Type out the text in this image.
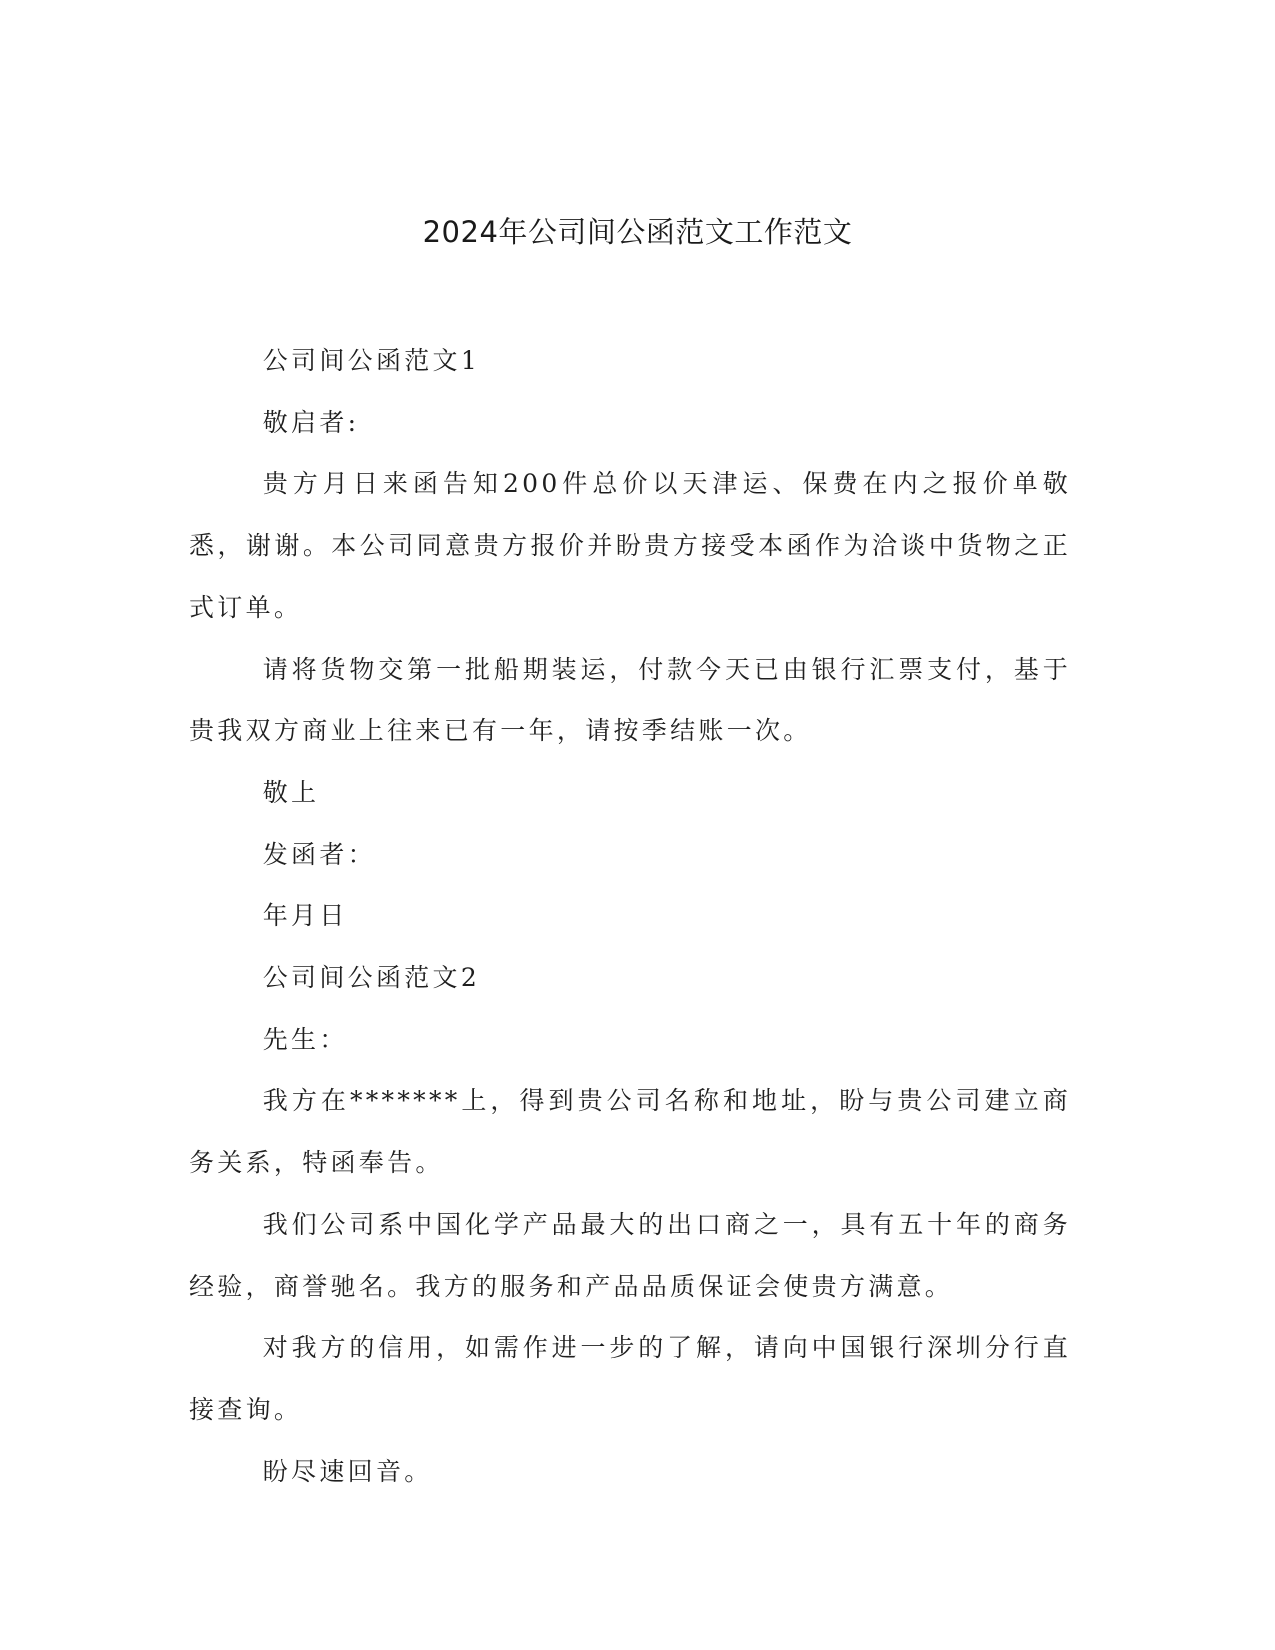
2024年公司间公函范文工作范文

公司间公函范文1

敬启者:

贵方月日来函告知200件总价以天津运、保费在内之报价单敬悉，谢谢。本公司同意贵方报价并盼贵方接受本函作为洽谈中货物之正式订单。

请将货物交第一批船期装运，付款今天已由银行汇票支付，基于贵我双方商业上往来已有一年，请按季结账一次。

敬上

发函者：

年月日

公司间公函范文2

先生：

我方在*******上，得到贵公司名称和地址，盼与贵公司建立商务关系，特函奉告。

我们公司系中国化学产品最大的出口商之一，具有五十年的商务经验，商誉驰名。我方的服务和产品品质保证会使贵方满意。

对我方的信用，如需作进一步的了解，请向中国银行深圳分行直接查询。

盼尽速回音。
